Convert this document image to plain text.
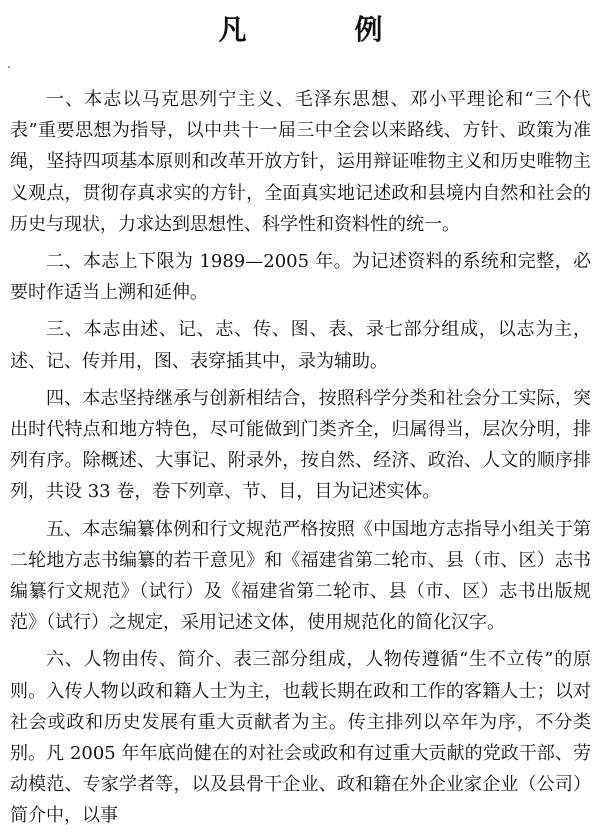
凡　例

一、本志以马克思列宁主义、毛泽东思想、邓小平理论和“三个代表”重要思想为指导，以中共十一届三中全会以来路线、方针、政策为准绳，坚持四项基本原则和改革开放方针，运用辩证唯物主义和历史唯物主义观点，贯彻存真求实的方针，全面真实地记述政和县境内自然和社会的历史与现状，力求达到思想性、科学性和资料性的统一。

二、本志上下限为 1989—2005 年。为记述资料的系统和完整，必要时作适当上溯和延伸。

三、本志由述、记、志、传、图、表、录七部分组成，以志为主，述、记、传并用，图、表穿插其中，录为辅助。

四、本志坚持继承与创新相结合，按照科学分类和社会分工实际，突出时代特点和地方特色，尽可能做到门类齐全，归属得当，层次分明，排列有序。除概述、大事记、附录外，按自然、经济、政治、人文的顺序排列，共设 33 卷，卷下列章、节、目，目为记述实体。

五、本志编纂体例和行文规范严格按照《中国地方志指导小组关于第二轮地方志书编纂的若干意见》和《福建省第二轮市、县（市、区）志书编纂行文规范》（试行）及《福建省第二轮市、县（市、区）志书出版规范》（试行）之规定，采用记述文体，使用规范化的简化汉字。

六、人物由传、简介、表三部分组成，人物传遵循“生不立传”的原则。入传人物以政和籍人士为主，也载长期在政和工作的客籍人士；以对社会或政和历史发展有重大贡献者为主。传主排列以卒年为序，不分类别。凡 2005 年年底尚健在的对社会或政和有过重大贡献的党政干部、劳动模范、专家学者等，以及县骨干企业、政和籍在外企业家企业（公司）简介中，以事
